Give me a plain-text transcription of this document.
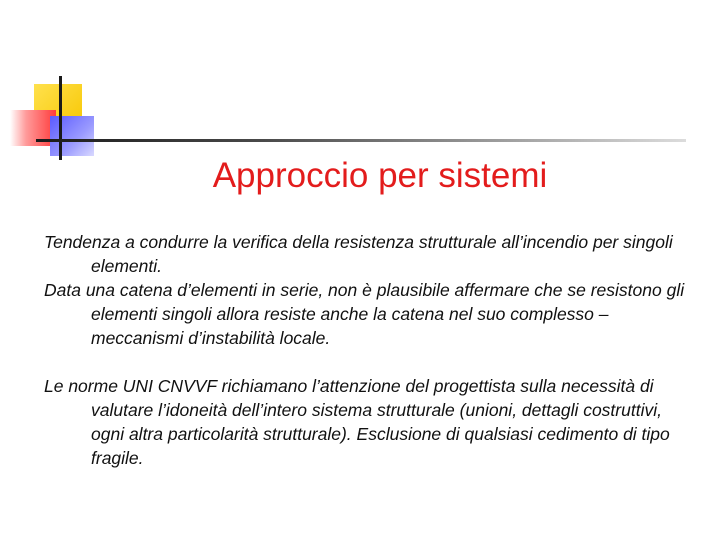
Approccio per sistemi

Tendenza a condurre la verifica della resistenza strutturale all’incendio per singoli elementi.

Data una catena d’elementi in serie, non è plausibile affermare che se resistono gli elementi singoli allora resiste anche la catena nel suo complesso – meccanismi d’instabilità locale.

Le norme UNI CNVVF richiamano l’attenzione del progettista sulla necessità di valutare l’idoneità dell’intero sistema strutturale (unioni, dettagli costruttivi, ogni altra particolarità strutturale). Esclusione di qualsiasi cedimento di tipo fragile.
